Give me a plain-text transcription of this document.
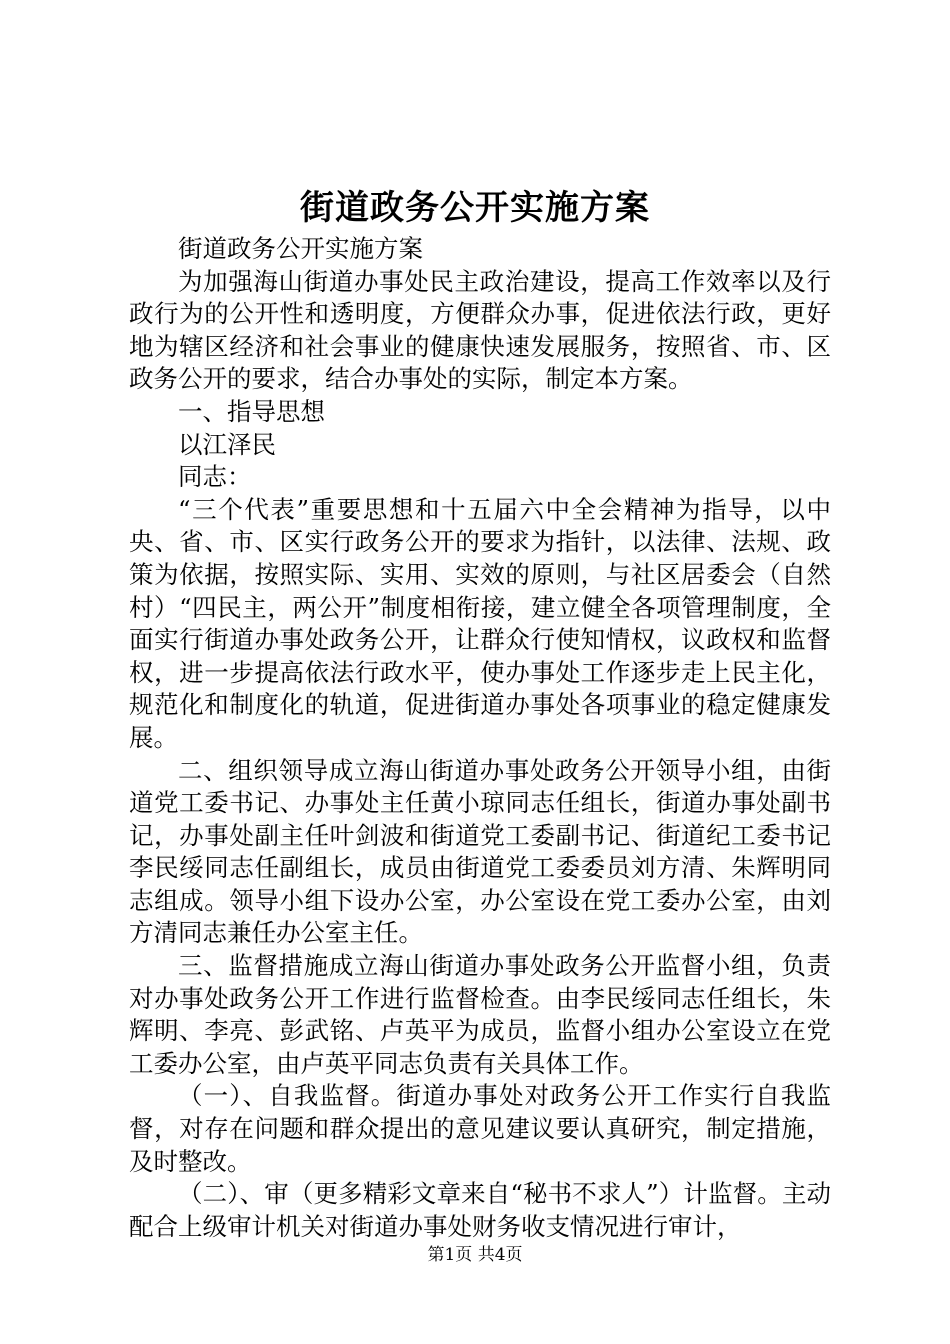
街道政务公开实施方案

街道政务公开实施方案

为加强海山街道办事处民主政治建设，提高工作效率以及行政行为的公开性和透明度，方便群众办事，促进依法行政，更好地为辖区经济和社会事业的健康快速发展服务，按照省、市、区政务公开的要求，结合办事处的实际，制定本方案。

一、指导思想

以江泽民

同志：

“三个代表”重要思想和十五届六中全会精神为指导，以中央、省、市、区实行政务公开的要求为指针，以法律、法规、政策为依据，按照实际、实用、实效的原则，与社区居委会（自然村）“四民主，两公开”制度相衔接，建立健全各项管理制度，全面实行街道办事处政务公开，让群众行使知情权，议政权和监督权，进一步提高依法行政水平，使办事处工作逐步走上民主化，规范化和制度化的轨道，促进街道办事处各项事业的稳定健康发展。

二、组织领导成立海山街道办事处政务公开领导小组，由街道党工委书记、办事处主任黄小琼同志任组长，街道办事处副书记，办事处副主任叶剑波和街道党工委副书记、街道纪工委书记李民绥同志任副组长，成员由街道党工委委员刘方清、朱辉明同志组成。领导小组下设办公室，办公室设在党工委办公室，由刘方清同志兼任办公室主任。

三、监督措施成立海山街道办事处政务公开监督小组，负责对办事处政务公开工作进行监督检查。由李民绥同志任组长，朱辉明、李亮、彭武铭、卢英平为成员，监督小组办公室设立在党工委办公室，由卢英平同志负责有关具体工作。

（一）、自我监督。街道办事处对政务公开工作实行自我监督，对存在问题和群众提出的意见建议要认真研究，制定措施，及时整改。

（二）、审（更多精彩文章来自“秘书不求人”）计监督。主动配合上级审计机关对街道办事处财务收支情况进行审计，

第1页 共4页
